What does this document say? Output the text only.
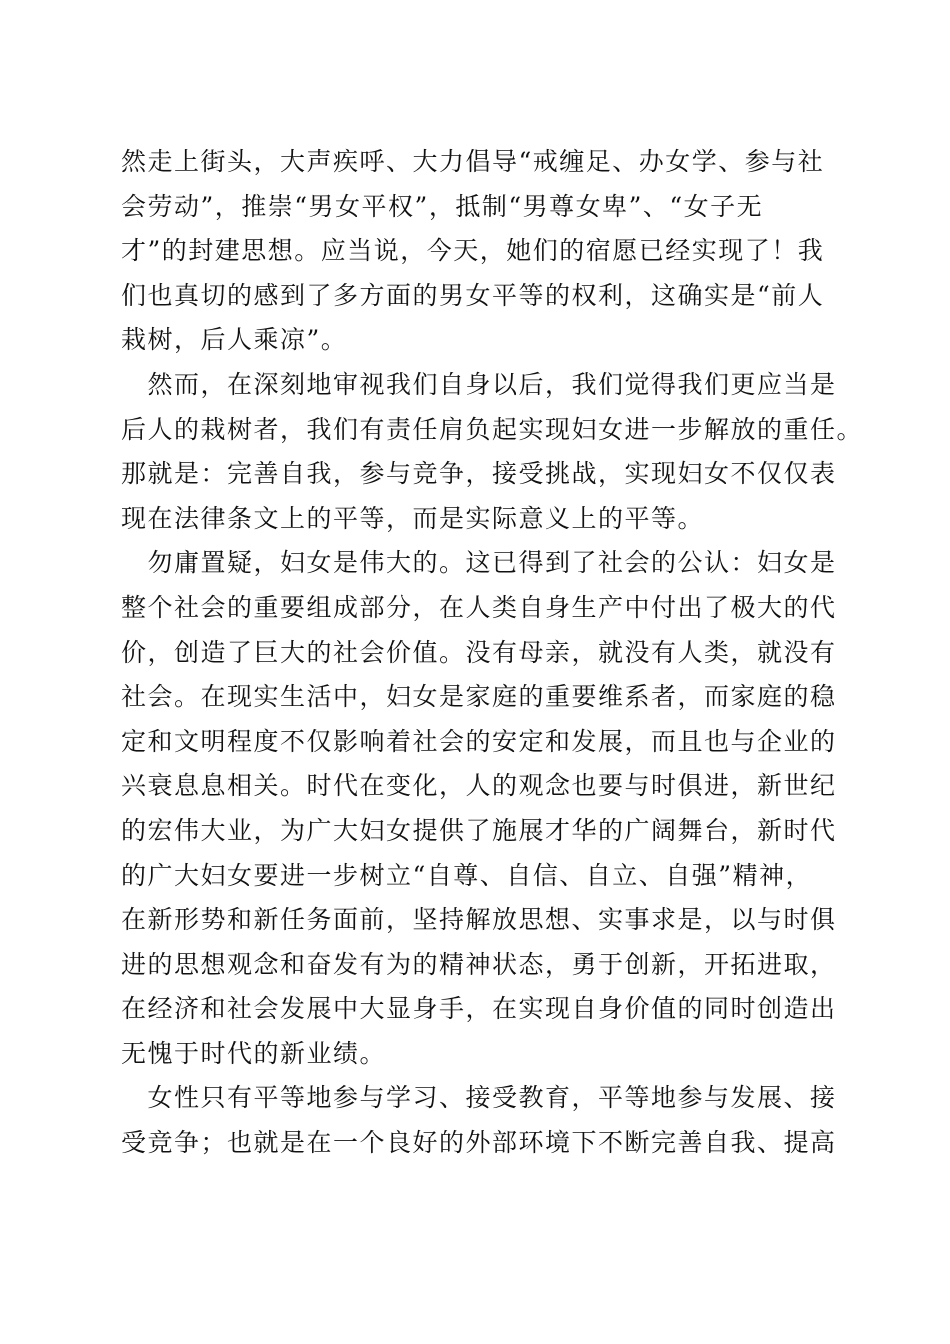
然走上街头，大声疾呼、大力倡导“戒缠足、办女学、参与社
会劳动”，推崇“男女平权”，抵制“男尊女卑”、“女子无
才”的封建思想。应当说，今天，她们的宿愿已经实现了！我
们也真切的感到了多方面的男女平等的权利，这确实是“前人
栽树，后人乘凉”。
　然而，在深刻地审视我们自身以后，我们觉得我们更应当是
后人的栽树者，我们有责任肩负起实现妇女进一步解放的重任。
那就是：完善自我，参与竞争，接受挑战，实现妇女不仅仅表
现在法律条文上的平等，而是实际意义上的平等。
　勿庸置疑，妇女是伟大的。这已得到了社会的公认：妇女是
整个社会的重要组成部分，在人类自身生产中付出了极大的代
价，创造了巨大的社会价值。没有母亲，就没有人类，就没有
社会。在现实生活中，妇女是家庭的重要维系者，而家庭的稳
定和文明程度不仅影响着社会的安定和发展，而且也与企业的
兴衰息息相关。时代在变化，人的观念也要与时俱进，新世纪
的宏伟大业，为广大妇女提供了施展才华的广阔舞台，新时代
的广大妇女要进一步树立“自尊、自信、自立、自强”精神，
在新形势和新任务面前，坚持解放思想、实事求是，以与时俱
进的思想观念和奋发有为的精神状态，勇于创新，开拓进取，
在经济和社会发展中大显身手，在实现自身价值的同时创造出
无愧于时代的新业绩。
　女性只有平等地参与学习、接受教育，平等地参与发展、接
受竞争；也就是在一个良好的外部环境下不断完善自我、提高
